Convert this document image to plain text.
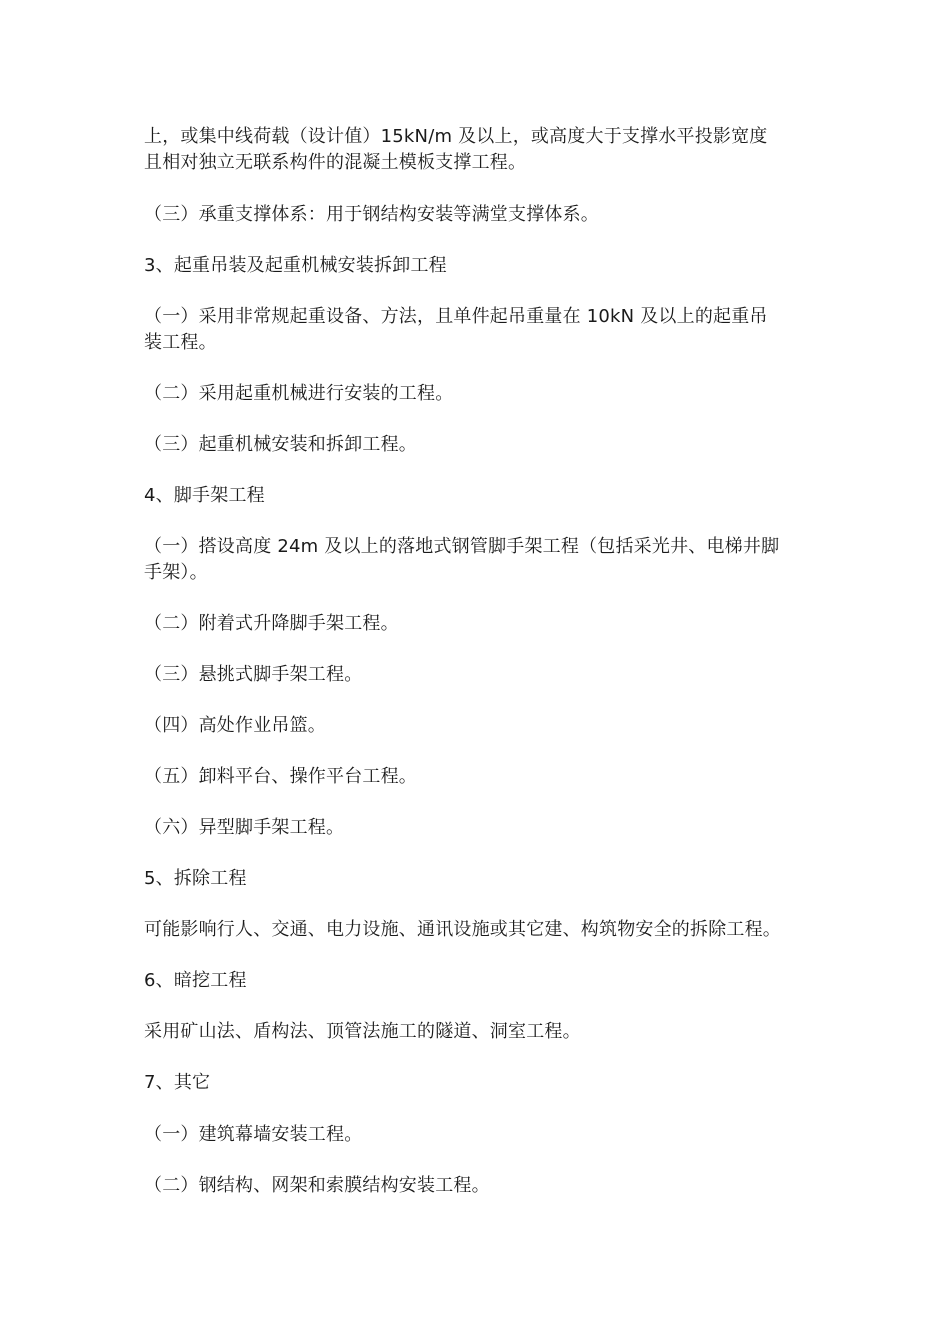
上，或集中线荷载（设计值）15kN/m 及以上，或高度大于支撑水平投影宽度
且相对独立无联系构件的混凝土模板支撑工程。
（三）承重支撑体系：用于钢结构安装等满堂支撑体系。
3、起重吊装及起重机械安装拆卸工程
（一）采用非常规起重设备、方法，且单件起吊重量在 10kN 及以上的起重吊
装工程。
（二）采用起重机械进行安装的工程。
（三）起重机械安装和拆卸工程。
4、脚手架工程
（一）搭设高度 24m 及以上的落地式钢管脚手架工程（包括采光井、电梯井脚
手架）。
（二）附着式升降脚手架工程。
（三）悬挑式脚手架工程。
（四）高处作业吊篮。
（五）卸料平台、操作平台工程。
（六）异型脚手架工程。
5、拆除工程
可能影响行人、交通、电力设施、通讯设施或其它建、构筑物安全的拆除工程。
6、暗挖工程
采用矿山法、盾构法、顶管法施工的隧道、洞室工程。
7、其它
（一）建筑幕墙安装工程。
（二）钢结构、网架和索膜结构安装工程。
